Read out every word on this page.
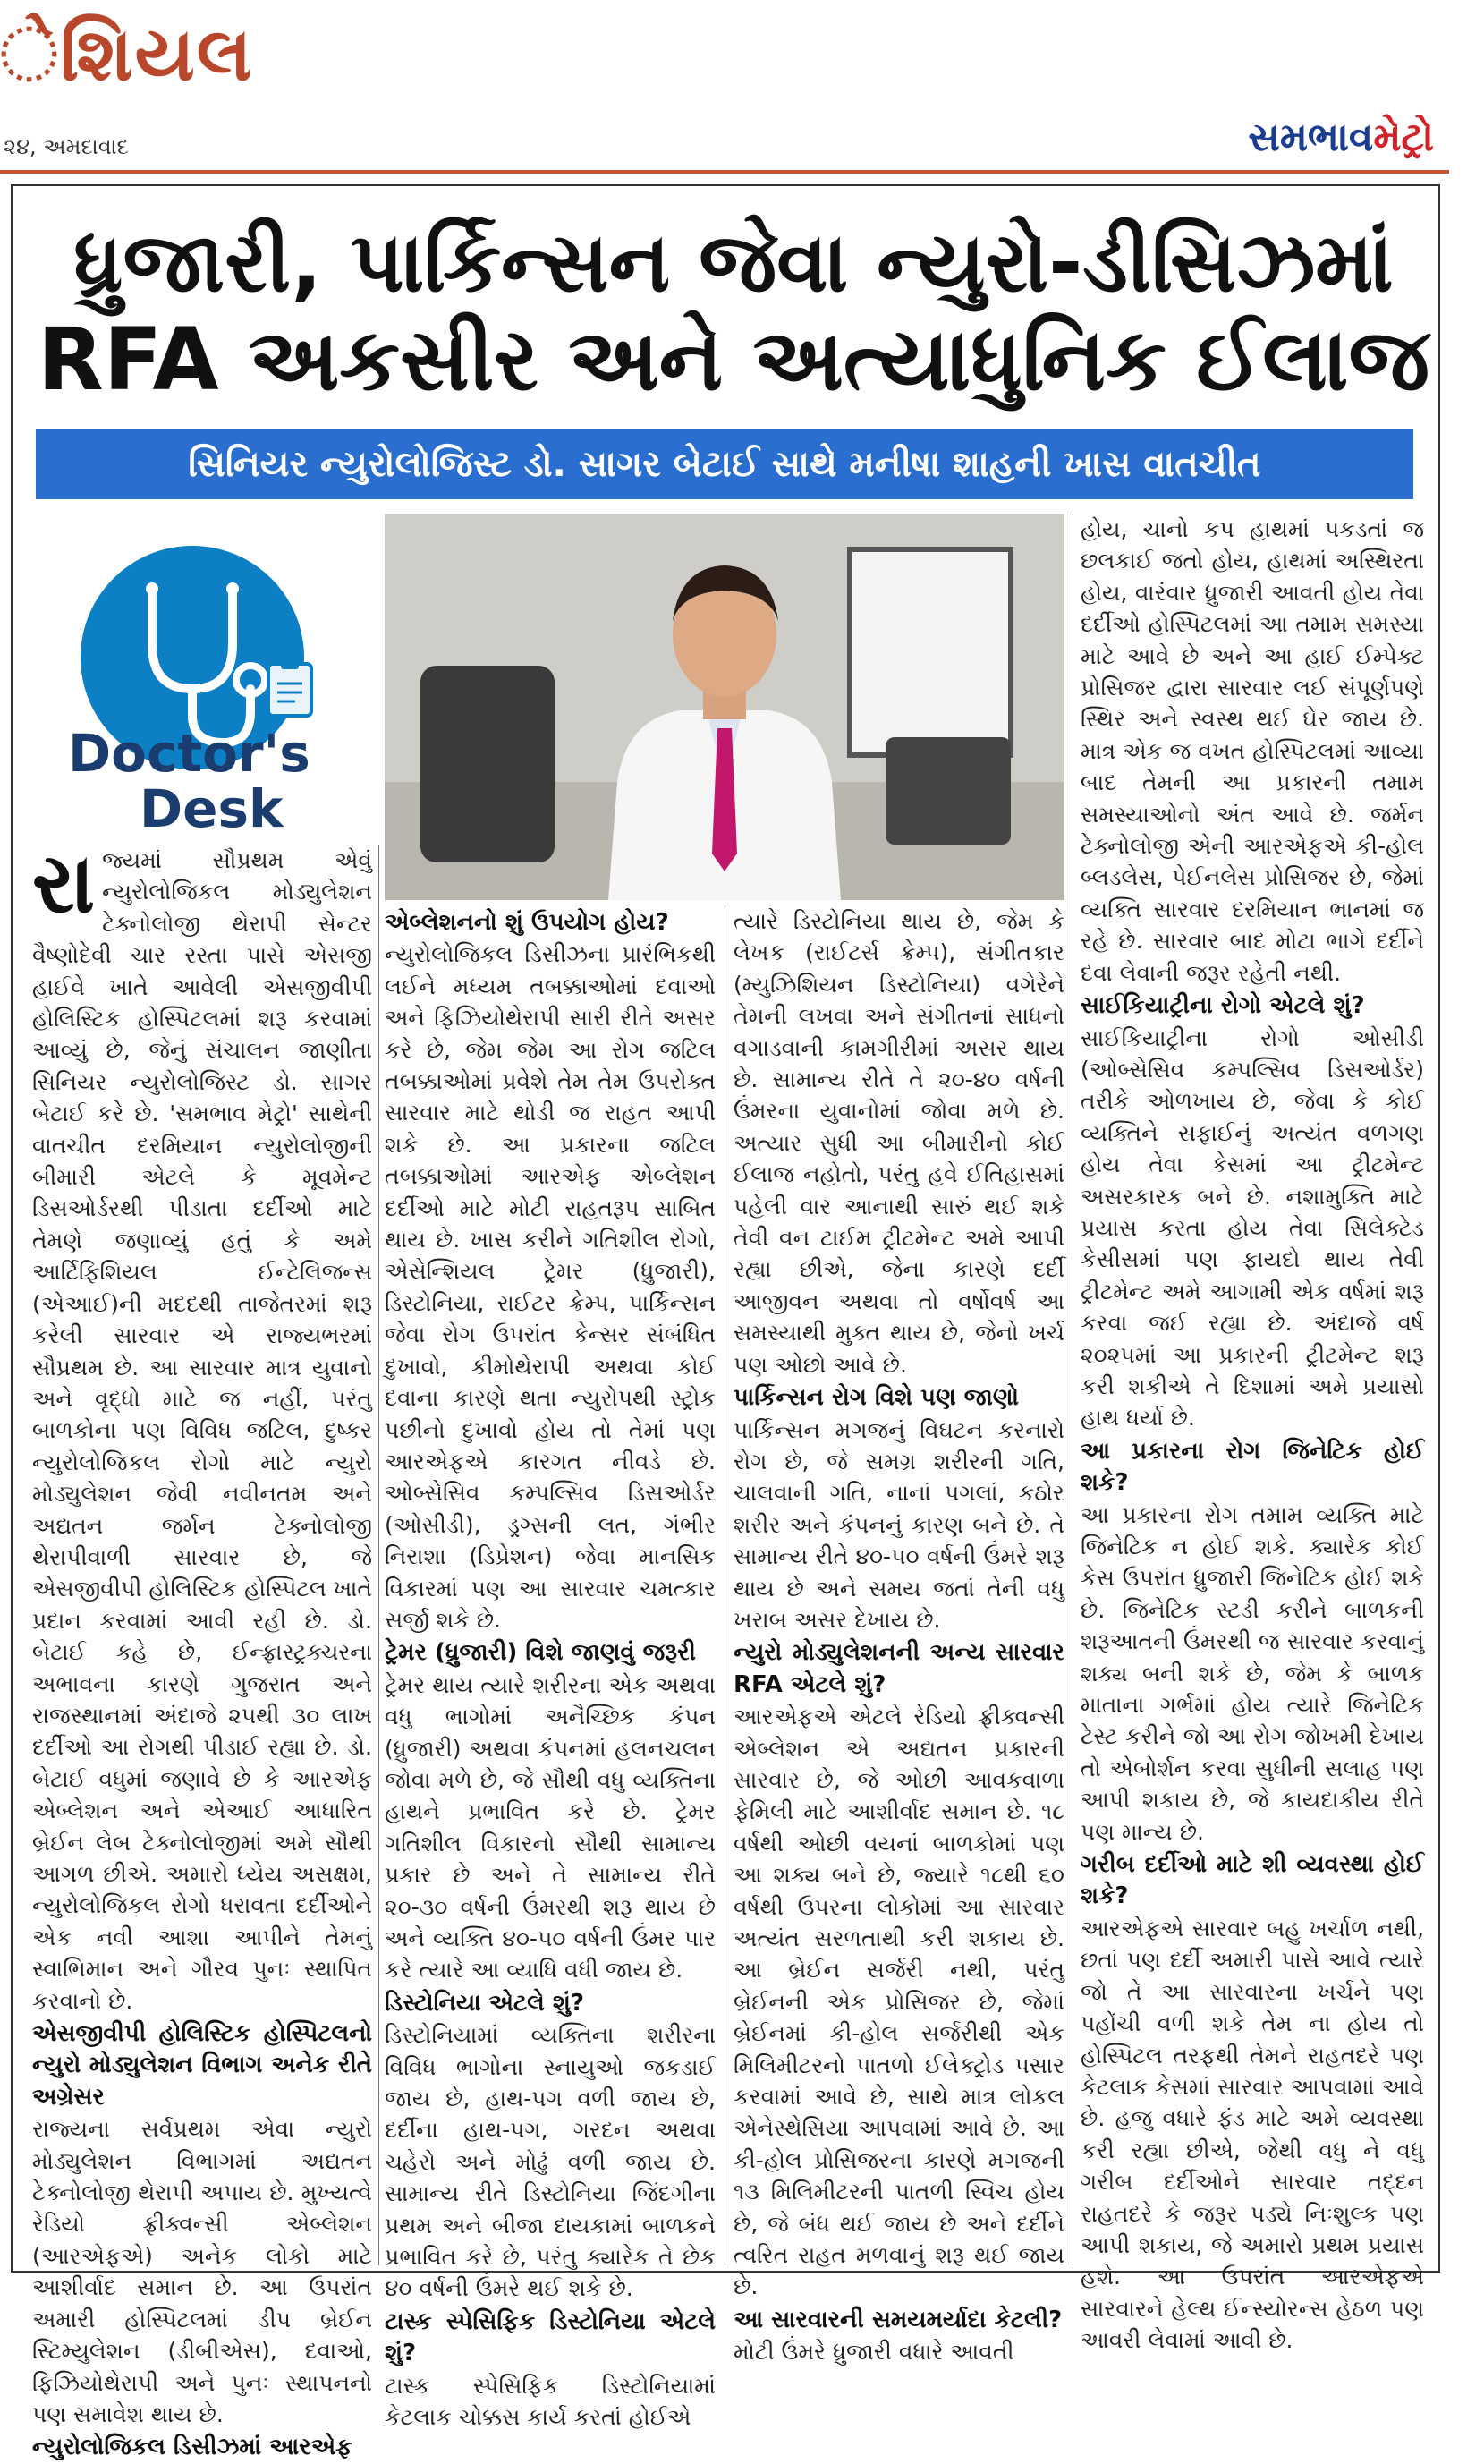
ેશિયલ
૨૪, અમદાવાદ	સમભાવમેટ્રો
ધ્રુજારી, પાર્કિન્સન જેવા ન્યુરો-ડીસિઝમાં
RFA અકસીર અને અત્યાધુનિક ઈલાજ
સિનિયર ન્યુરોલોજિસ્ટ ડો. સાગર બેટાઈ સાથે મનીષા શાહની ખાસ વાતચીત
Doctor's
Desk

રાજ્યમાં સૌપ્રથમ એવું ન્યુરોલોજિકલ મોડ્યુલેશન ટેક્નોલોજી થેરાપી સેન્ટર વૈષ્ણોદેવી ચાર રસ્તા પાસે એસજી હાઈવે ખાતે આવેલી એસજીવીપી હોલિસ્ટિક હોસ્પિટલમાં શરૂ કરવામાં આવ્યું છે, જેનું સંચાલન જાણીતા સિનિયર ન્યુરોલોજિસ્ટ ડો. સાગર બેટાઈ કરે છે. 'સમભાવ મેટ્રો' સાથેની વાતચીત દરમિયાન ન્યુરોલોજીની બીમારી એટલે કે મૂવમેન્ટ ડિસઓર્ડરથી પીડાતા દર્દીઓ માટે તેમણે જણાવ્યું હતું કે અમે આર્ટિફિશિયલ ઈન્ટેલિજન્સ (એઆઈ)ની મદદથી તાજેતરમાં શરૂ કરેલી સારવાર એ રાજ્યભરમાં સૌપ્રથમ છે. આ સારવાર માત્ર યુવાનો અને વૃદ્ધો માટે જ નહીં, પરંતુ બાળકોના પણ વિવિધ જટિલ, દુષ્કર ન્યુરોલોજિકલ રોગો માટે ન્યુરો મોડ્યુલેશન જેવી નવીનતમ અને અદ્યતન જર્મન ટેક્નોલોજી થેરાપીવાળી સારવાર છે, જે એસજીવીપી હોલિસ્ટિક હોસ્પિટલ ખાતે પ્રદાન કરવામાં આવી રહી છે. ડો. બેટાઈ કહે છે, ઈન્ફ્રાસ્ટ્રક્ચરના અભાવના કારણે ગુજરાત અને રાજસ્થાનમાં અંદાજે ૨૫થી ૩૦ લાખ દર્દીઓ આ રોગથી પીડાઈ રહ્યા છે. ડો. બેટાઈ વધુમાં જણાવે છે કે આરએફ એબ્લેશન અને એઆઈ આધારિત બ્રેઈન લેબ ટેક્નોલોજીમાં અમે સૌથી આગળ છીએ. અમારો ધ્યેય અસક્ષમ, ન્યુરોલોજિકલ રોગો ધરાવતા દર્દીઓને એક નવી આશા આપીને તેમનું સ્વાભિમાન અને ગૌરવ પુનઃ સ્થાપિત કરવાનો છે.

એસજીવીપી હોલિસ્ટિક હોસ્પિટલનો ન્યુરો મોડ્યુલેશન વિભાગ અનેક રીતે અગ્રેસર

રાજ્યના સર્વપ્રથમ એવા ન્યુરો મોડ્યુલેશન વિભાગમાં અદ્યતન ટેક્નોલોજી થેરાપી અપાય છે. મુખ્યત્વે રેડિયો ફ્રીક્વન્સી એબ્લેશન (આરએફએ) અનેક લોકો માટે આશીર્વાદ સમાન છે. આ ઉપરાંત અમારી હોસ્પિટલમાં ડીપ બ્રેઈન સ્ટિમ્યુલેશન (ડીબીએસ), દવાઓ, ફિઝિયોથેરાપી અને પુનઃ સ્થાપનનો પણ સમાવેશ થાય છે.

ન્યુરોલોજિકલ ડિસીઝમાં આરએફ

એબ્લેશનનો શું ઉપયોગ હોય?

ન્યુરોલોજિકલ ડિસીઝના પ્રારંભિકથી લઈને મધ્યમ તબક્કાઓમાં દવાઓ અને ફિઝિયોથેરાપી સારી રીતે અસર કરે છે, જેમ જેમ આ રોગ જટિલ તબક્કાઓમાં પ્રવેશે તેમ તેમ ઉપરોક્ત સારવાર માટે થોડી જ રાહત આપી શકે છે. આ પ્રકારના જટિલ તબક્કાઓમાં આરએફ એબ્લેશન દર્દીઓ માટે મોટી રાહતરૂપ સાબિત થાય છે. ખાસ કરીને ગતિશીલ રોગો, એસેન્શિયલ ટ્રેમર (ધ્રુજારી), ડિસ્ટોનિયા, રાઈટર ક્રેમ્પ, પાર્કિન્સન જેવા રોગ ઉપરાંત કેન્સર સંબંધિત દુખાવો, કીમોથેરાપી અથવા કોઈ દવાના કારણે થતા ન્યુરોપથી સ્ટ્રોક પછીનો દુખાવો હોય તો તેમાં પણ આરએફએ કારગત નીવડે છે. ઓબ્સેસિવ કમ્પલ્સિવ ડિસઓર્ડર (ઓસીડી), ડ્રગ્સની લત, ગંભીર નિરાશા (ડિપ્રેશન) જેવા માનસિક વિકારમાં પણ આ સારવાર ચમત્કાર સર્જી શકે છે.

ટ્રેમર (ધ્રુજારી) વિશે જાણવું જરૂરી

ટ્રેમર થાય ત્યારે શરીરના એક અથવા વધુ ભાગોમાં અનૈચ્છિક કંપન (ધ્રુજારી) અથવા કંપનમાં હલનચલન જોવા મળે છે, જે સૌથી વધુ વ્યક્તિના હાથને પ્રભાવિત કરે છે. ટ્રેમર ગતિશીલ વિકારનો સૌથી સામાન્ય પ્રકાર છે અને તે સામાન્ય રીતે ૨૦-૩૦ વર્ષની ઉંમરથી શરૂ થાય છે અને વ્યક્તિ ૪૦-૫૦ વર્ષની ઉંમર પાર કરે ત્યારે આ વ્યાધિ વધી જાય છે.

ડિસ્ટોનિયા એટલે શું?

ડિસ્ટોનિયામાં વ્યક્તિના શરીરના વિવિધ ભાગોના સ્નાયુઓ જકડાઈ જાય છે, હાથ-પગ વળી જાય છે, દર્દીના હાથ-પગ, ગરદન અથવા ચહેરો અને મોઢું વળી જાય છે. સામાન્ય રીતે ડિસ્ટોનિયા જિંદગીના પ્રથમ અને બીજા દાયકામાં બાળકને પ્રભાવિત કરે છે, પરંતુ ક્યારેક તે છેક ૪૦ વર્ષની ઉંમરે થઈ શકે છે.

ટાસ્ક સ્પેસિફિક ડિસ્ટોનિયા એટલે શું?

ટાસ્ક સ્પેસિફિક ડિસ્ટોનિયામાં કેટલાક ચોક્કસ કાર્ય કરતાં હોઈએ

ત્યારે ડિસ્ટોનિયા થાય છે, જેમ કે લેખક (રાઈટર્સ ક્રેમ્પ), સંગીતકાર (મ્યુઝિશિયન ડિસ્ટોનિયા) વગેરેને તેમની લખવા અને સંગીતનાં સાધનો વગાડવાની કામગીરીમાં અસર થાય છે. સામાન્ય રીતે તે ૨૦-૪૦ વર્ષની ઉંમરના યુવાનોમાં જોવા મળે છે. અત્યાર સુધી આ બીમારીનો કોઈ ઈલાજ નહોતો, પરંતુ હવે ઈતિહાસમાં પહેલી વાર આનાથી સારું થઈ શકે તેવી વન ટાઈમ ટ્રીટમેન્ટ અમે આપી રહ્યા છીએ, જેના કારણે દર્દી આજીવન અથવા તો વર્ષોવર્ષ આ સમસ્યાથી મુક્ત થાય છે, જેનો ખર્ચ પણ ઓછો આવે છે.

પાર્કિન્સન રોગ વિશે પણ જાણો

પાર્કિન્સન મગજનું વિઘટન કરનારો રોગ છે, જે સમગ્ર શરીરની ગતિ, ચાલવાની ગતિ, નાનાં પગલાં, કઠોર શરીર અને કંપનનું કારણ બને છે. તે સામાન્ય રીતે ૪૦-૫૦ વર્ષની ઉંમરે શરૂ થાય છે અને સમય જતાં તેની વધુ ખરાબ અસર દેખાય છે.

ન્યુરો મોડ્યુલેશનની અન્ય સારવાર RFA એટલે શું?

આરએફએ એટલે રેડિયો ફ્રીક્વન્સી એબ્લેશન એ અદ્યતન પ્રકારની સારવાર છે, જે ઓછી આવકવાળા ફેમિલી માટે આશીર્વાદ સમાન છે. ૧૮ વર્ષથી ઓછી વયનાં બાળકોમાં પણ આ શક્ય બને છે, જ્યારે ૧૮થી ૬૦ વર્ષથી ઉપરના લોકોમાં આ સારવાર અત્યંત સરળતાથી કરી શકાય છે. આ બ્રેઈન સર્જરી નથી, પરંતુ બ્રેઈનની એક પ્રોસિજર છે, જેમાં બ્રેઈનમાં કી-હોલ સર્જરીથી એક મિલિમીટરનો પાતળો ઈલેક્ટ્રોડ પસાર કરવામાં આવે છે, સાથે માત્ર લોકલ એનેસ્થેસિયા આપવામાં આવે છે. આ કી-હોલ પ્રોસિજરના કારણે મગજની ૧૩ મિલિમીટરની પાતળી સ્વિચ હોય છે, જે બંધ થઈ જાય છે અને દર્દીને ત્વરિત રાહત મળવાનું શરૂ થઈ જાય છે.

આ સારવારની સમયમર્યાદા કેટલી?

મોટી ઉંમરે ધ્રુજારી વધારે આવતી

હોય, ચાનો કપ હાથમાં પકડતાં જ છલકાઈ જતો હોય, હાથમાં અસ્થિરતા હોય, વારંવાર ધ્રુજારી આવતી હોય તેવા દર્દીઓ હોસ્પિટલમાં આ તમામ સમસ્યા માટે આવે છે અને આ હાઈ ઈમ્પેક્ટ પ્રોસિજર દ્વારા સારવાર લઈ સંપૂર્ણપણે સ્થિર અને સ્વસ્થ થઈ ઘેર જાય છે. માત્ર એક જ વખત હોસ્પિટલમાં આવ્યા બાદ તેમની આ પ્રકારની તમામ સમસ્યાઓનો અંત આવે છે. જર્મન ટેક્નોલોજી એની આરએફએ કી-હોલ બ્લડલેસ, પેઈનલેસ પ્રોસિજર છે, જેમાં વ્યક્તિ સારવાર દરમિયાન ભાનમાં જ રહે છે. સારવાર બાદ મોટા ભાગે દર્દીને દવા લેવાની જરૂર રહેતી નથી.

સાઈકિયાટ્રીના રોગો એટલે શું?

સાઈકિયાટ્રીના રોગો ઓસીડી (ઓબ્સેસિવ કમ્પલ્સિવ ડિસઓર્ડર) તરીકે ઓળખાય છે, જેવા કે કોઈ વ્યક્તિને સફાઈનું અત્યંત વળગણ હોય તેવા કેસમાં આ ટ્રીટમેન્ટ અસરકારક બને છે. નશામુક્તિ માટે પ્રયાસ કરતા હોય તેવા સિલેક્ટેડ કેસીસમાં પણ ફાયદો થાય તેવી ટ્રીટમેન્ટ અમે આગામી એક વર્ષમાં શરૂ કરવા જઈ રહ્યા છે. અંદાજે વર્ષ ૨૦૨૫માં આ પ્રકારની ટ્રીટમેન્ટ શરૂ કરી શકીએ તે દિશામાં અમે પ્રયાસો હાથ ધર્યા છે.

આ પ્રકારના રોગ જિનેટિક હોઈ શકે?

આ પ્રકારના રોગ તમામ વ્યક્તિ માટે જિનેટિક ન હોઈ શકે. ક્યારેક કોઈ કેસ ઉપરાંત ધ્રુજારી જિનેટિક હોઈ શકે છે. જિનેટિક સ્ટડી કરીને બાળકની શરૂઆતની ઉંમરથી જ સારવાર કરવાનું શક્ય બની શકે છે, જેમ કે બાળક માતાના ગર્ભમાં હોય ત્યારે જિનેટિક ટેસ્ટ કરીને જો આ રોગ જોખમી દેખાય તો એબોર્શન કરવા સુધીની સલાહ પણ આપી શકાય છે, જે કાયદાકીય રીતે પણ માન્ય છે.

ગરીબ દર્દીઓ માટે શી વ્યવસ્થા હોઈ શકે?

આરએફએ સારવાર બહુ ખર્ચાળ નથી, છતાં પણ દર્દી અમારી પાસે આવે ત્યારે જો તે આ સારવારના ખર્ચને પણ પહોંચી વળી શકે તેમ ના હોય તો હોસ્પિટલ તરફથી તેમને રાહતદરે પણ કેટલાક કેસમાં સારવાર આપવામાં આવે છે. હજુ વધારે ફંડ માટે અમે વ્યવસ્થા કરી રહ્યા છીએ, જેથી વધુ ને વધુ ગરીબ દર્દીઓને સારવાર તદ્દન રાહતદરે કે જરૂર પડ્યે નિઃશુલ્ક પણ આપી શકાય, જે અમારો પ્રથમ પ્રયાસ હશે. આ ઉપરાંત આરએફએ સારવારને હેલ્થ ઈન્સ્યોરન્સ હેઠળ પણ આવરી લેવામાં આવી છે.
